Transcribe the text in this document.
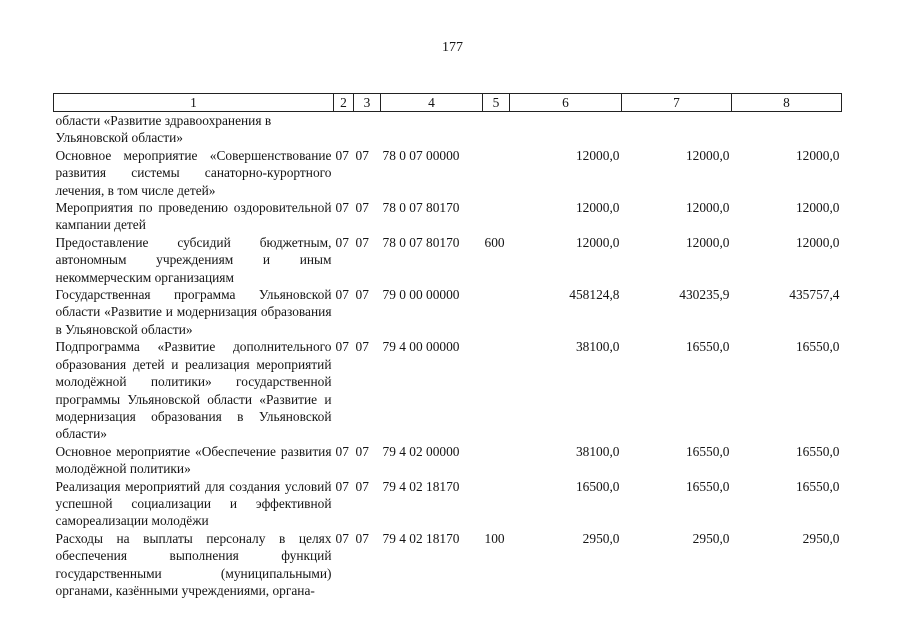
177
1	2	3	4	5	6	7	8
области «Развитие здравоохранения в Ульяновской области»							
Основное мероприятие «Совершенствование развития системы санаторно-курортного лечения, в том числе детей»	07	07	78 0 07 00000		12000,0	12000,0	12000,0
Мероприятия по проведению оздоровительной кампании детей	07	07	78 0 07 80170		12000,0	12000,0	12000,0
Предоставление субсидий бюджетным, автономным учреждениям и иным некоммерческим организациям	07	07	78 0 07 80170	600	12000,0	12000,0	12000,0
Государственная программа Ульяновской области «Развитие и модернизация образования в Ульяновской области»	07	07	79 0 00 00000		458124,8	430235,9	435757,4
Подпрограмма «Развитие дополнительного образования детей и реализация мероприятий молодёжной политики» государственной программы Ульяновской области «Развитие и модернизация образования в Ульяновской области»	07	07	79 4 00 00000		38100,0	16550,0	16550,0
Основное мероприятие «Обеспечение развития молодёжной политики»	07	07	79 4 02 00000		38100,0	16550,0	16550,0
Реализация мероприятий для создания условий успешной социализации и эффективной самореализации молодёжи	07	07	79 4 02 18170		16500,0	16550,0	16550,0
Расходы на выплаты персоналу в целях обеспечения выполнения функций государственными (муниципальными) органами, казёнными учреждениями, органа-	07	07	79 4 02 18170	100	2950,0	2950,0	2950,0
